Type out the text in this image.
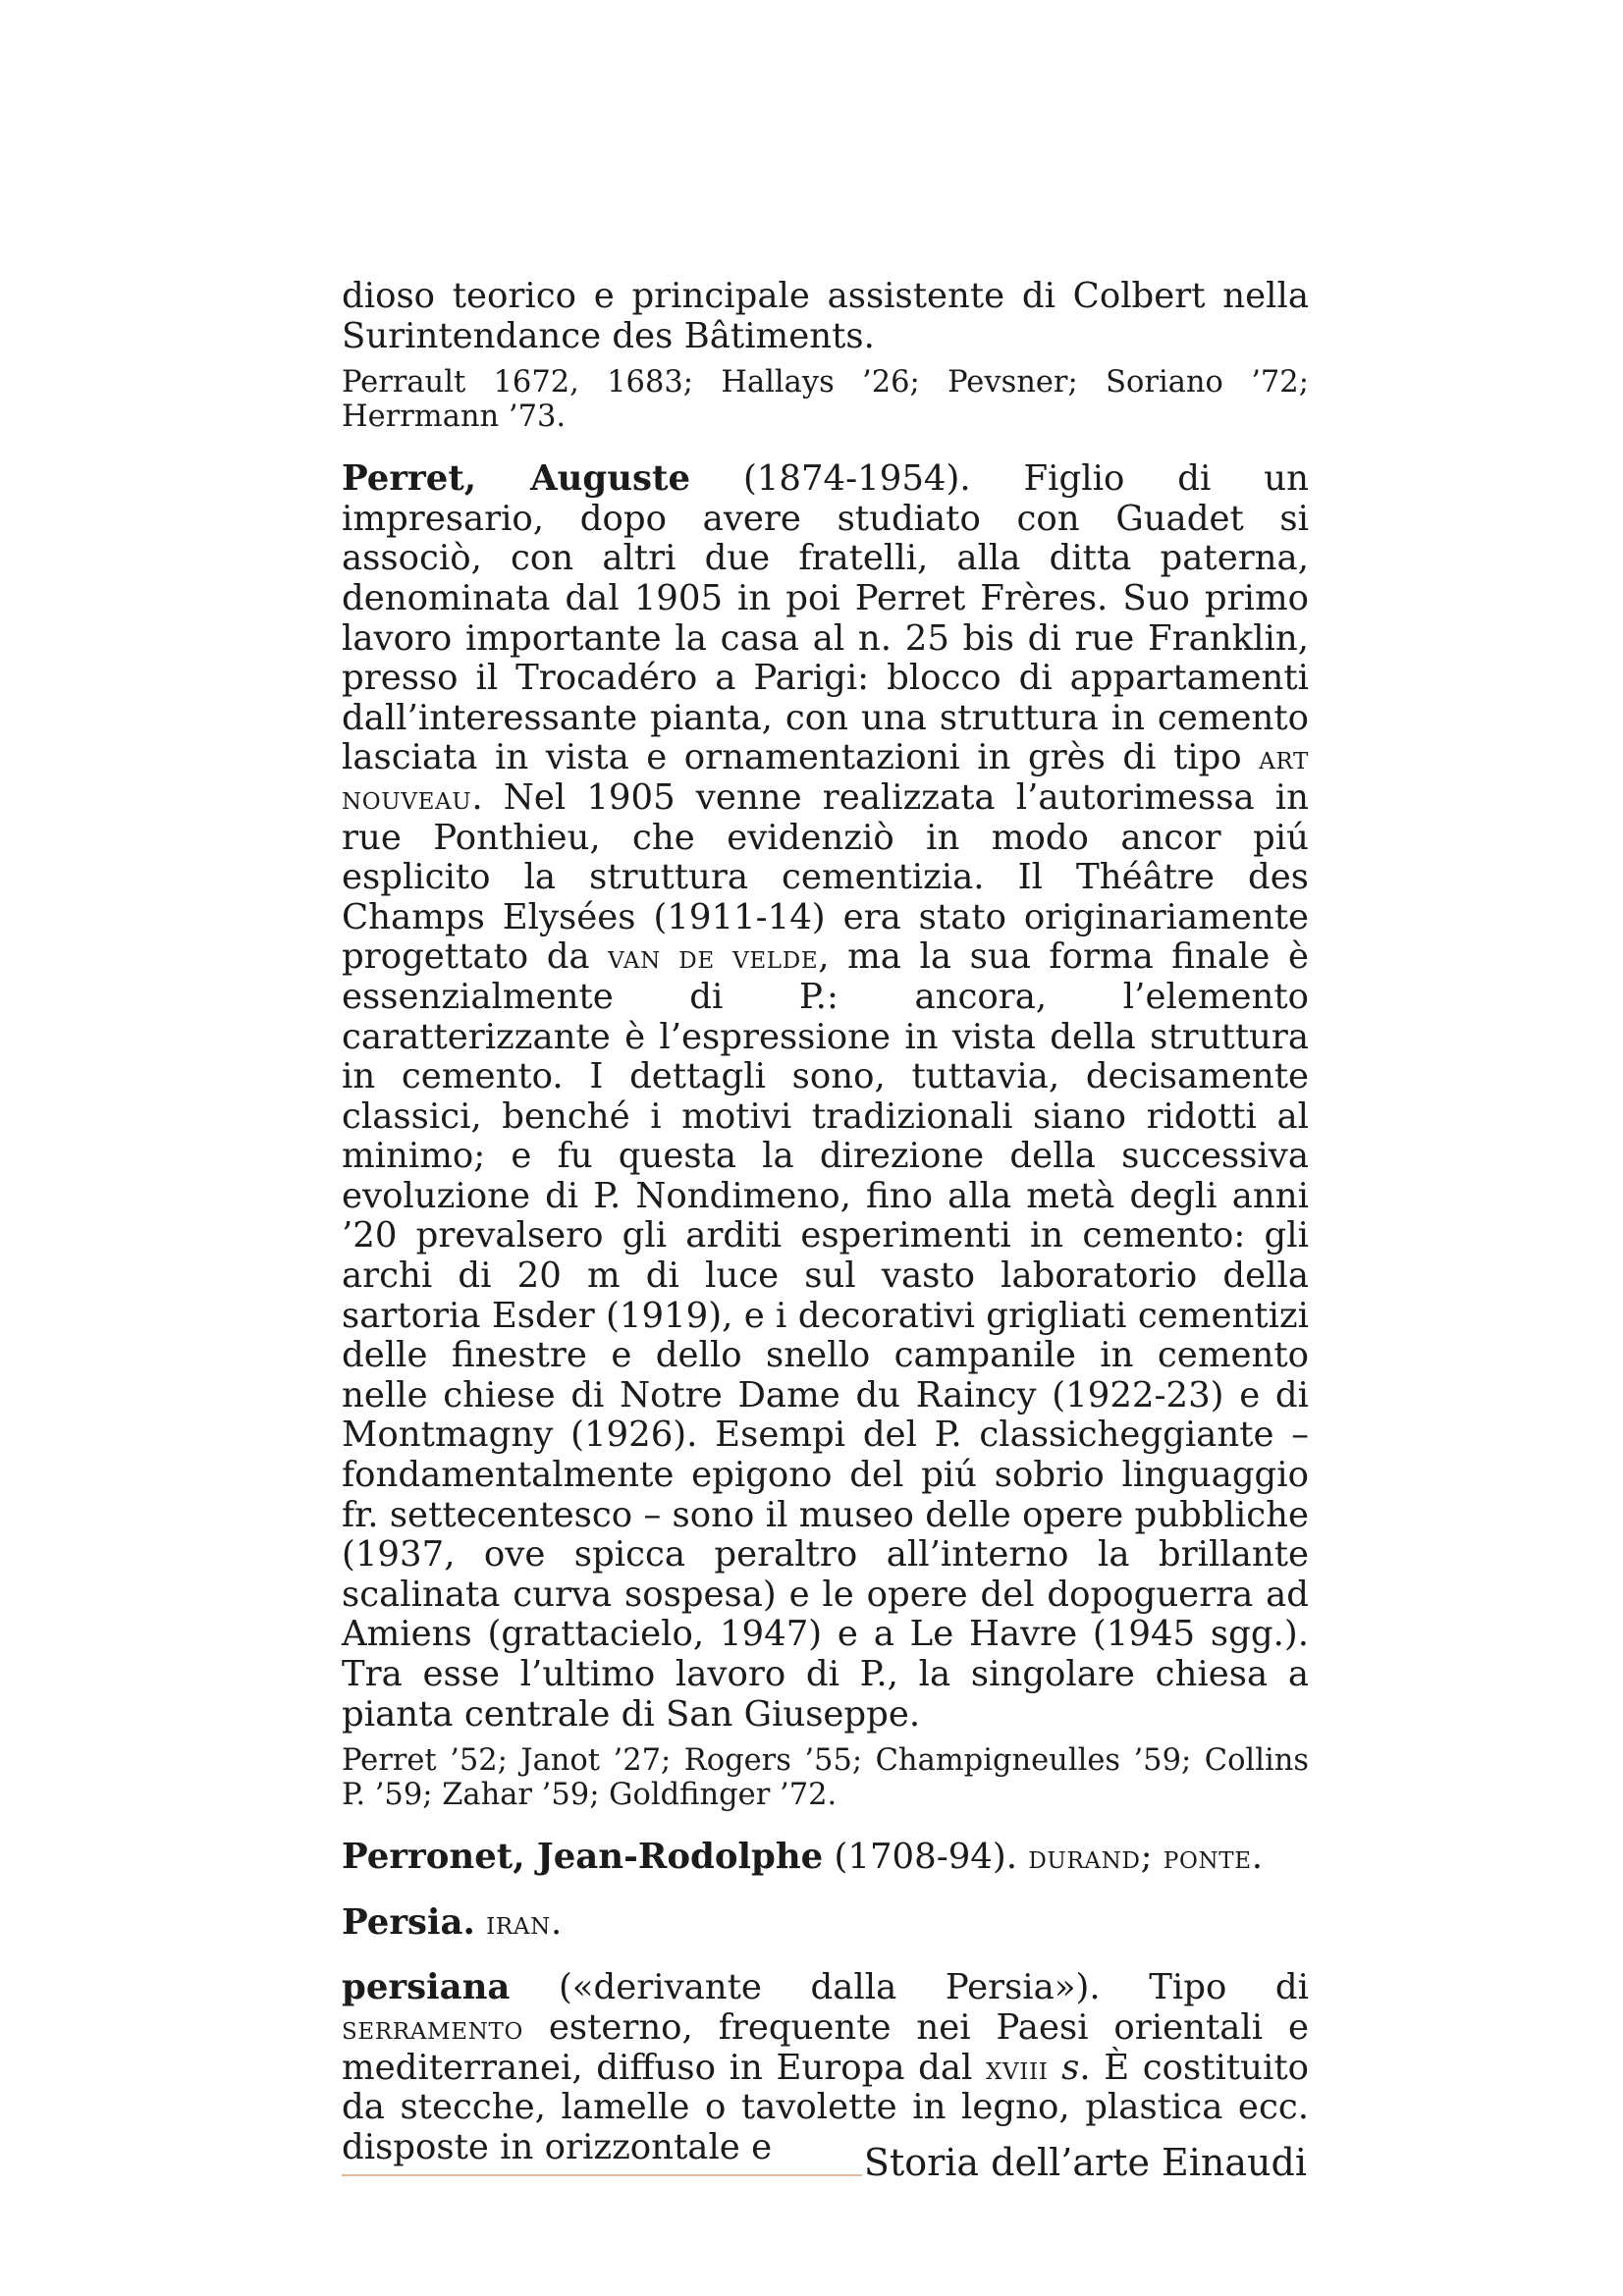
dioso teorico e principale assistente di Colbert nella Surintendance des Bâtiments.

Perrault 1672, 1683; Hallays ’26; Pevsner; Soriano ’72; Herrmann ’73.

Perret, Auguste (1874-1954). Figlio di un impresario, dopo avere studiato con Guadet si associò, con altri due fratelli, alla ditta paterna, denominata dal 1905 in poi Perret Frères. Suo primo lavoro importante la casa al n. 25 bis di rue Franklin, presso il Trocadéro a Parigi: blocco di appartamenti dall’interessante pianta, con una struttura in cemento lasciata in vista e ornamentazioni in grès di tipo art nouveau. Nel 1905 venne realizzata l’autorimessa in rue Ponthieu, che evidenziò in modo ancor piú esplicito la struttura cementizia. Il Théâtre des Champs Elysées (1911-14) era stato originariamente progettato da van de velde, ma la sua forma finale è essenzialmente di P.: ancora, l’elemento caratterizzante è l’espressione in vista della struttura in cemento. I dettagli sono, tuttavia, decisamente classici, benché i motivi tradizionali siano ridotti al minimo; e fu questa la direzione della successiva evoluzione di P. Nondimeno, fino alla metà degli anni ’20 prevalsero gli arditi esperimenti in cemento: gli archi di 20 m di luce sul vasto laboratorio della sartoria Esder (1919), e i decorativi grigliati cementizi delle finestre e dello snello campanile in cemento nelle chiese di Notre Dame du Raincy (1922-23) e di Montmagny (1926). Esempi del P. classicheggiante – fondamentalmente epigono del piú sobrio linguaggio fr. settecentesco – sono il museo delle opere pubbliche (1937, ove spicca peraltro all’interno la brillante scalinata curva sospesa) e le opere del dopoguerra ad Amiens (grattacielo, 1947) e a Le Havre (1945 sgg.). Tra esse l’ultimo lavoro di P., la singolare chiesa a pianta centrale di San Giuseppe.

Perret ’52; Janot ’27; Rogers ’55; Champigneulles ’59; Collins P. ’59; Zahar ’59; Goldfinger ’72.

Perronet, Jean-Rodolphe (1708-94). durand; ponte.

Persia. iran.

persiana («derivante dalla Persia»). Tipo di serramento esterno, frequente nei Paesi orientali e mediterranei, diffuso in Europa dal xviii s. È costituito da stecche, lamelle o tavolette in legno, plastica ecc. disposte in orizzontale e	Storia dell’arte Einaudi
